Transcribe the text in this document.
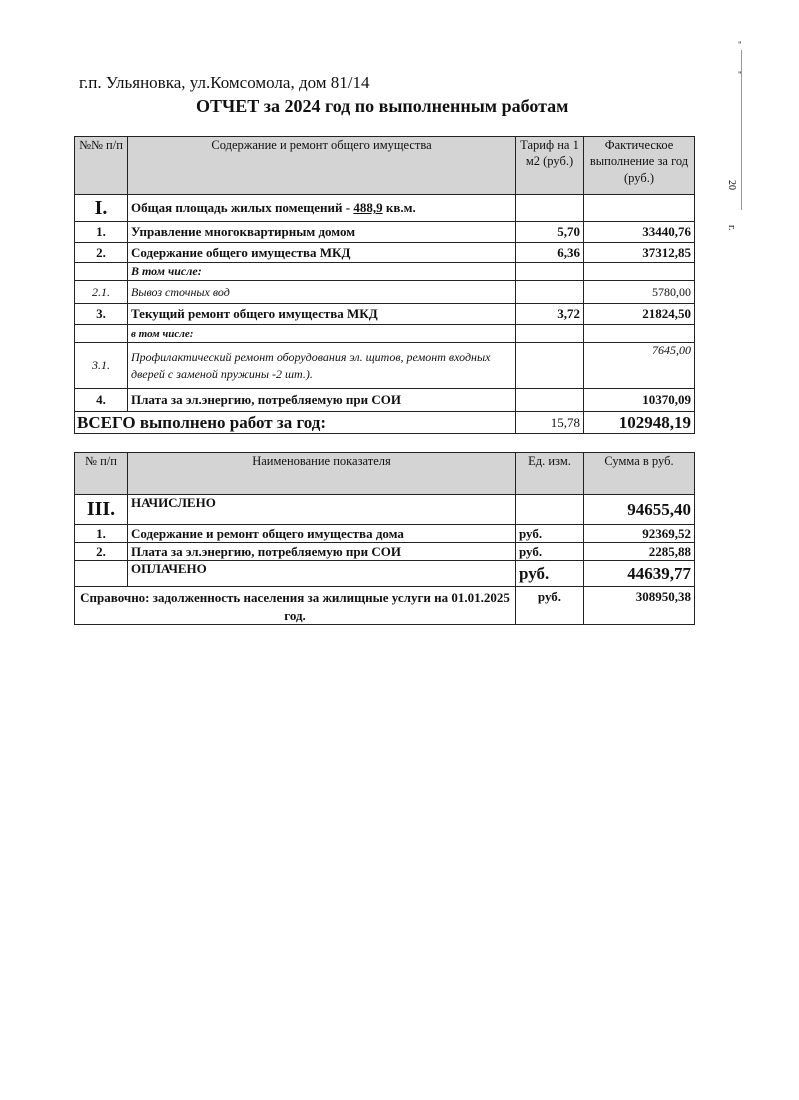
г.п. Ульяновка, ул.Комсомола, дом 81/14
ОТЧЕТ за 2024 год по выполненным работам
"
"
20
г.
№№ п/п	Содержание и ремонт общего имущества	Тариф на 1 м2 (руб.)	Фактическое выполнение за год (руб.)
I.	Общая площадь жилых помещений - 488,9 кв.м.		
1.	Управление многоквартирным домом	5,70	33440,76
2.	Содержание общего имущества МКД	6,36	37312,85
	В том числе:		
2.1.	Вывоз сточных вод		5780,00
3.	Текущий ремонт общего имущества МКД	3,72	21824,50
	в том числе:		
3.1.	Профилактический ремонт оборудования эл. щитов, ремонт входных дверей с заменой пружины -2 шт.).		7645,00
4.	Плата за эл.энергию, потребляемую при СОИ		10370,09
ВСЕГО выполнено работ за год:		15,78	102948,19
№ п/п	Наименование показателя	Ед. изм.	Сумма в руб.
III.	НАЧИСЛЕНО		94655,40
1.	Содержание и ремонт общего имущества дома	руб.	92369,52
2.	Плата за эл.энергию, потребляемую при СОИ	руб.	2285,88
	ОПЛАЧЕНО	руб.	44639,77
Справочно: задолженность населения за жилищные услуги на 01.01.2025 год.		руб.	308950,38
